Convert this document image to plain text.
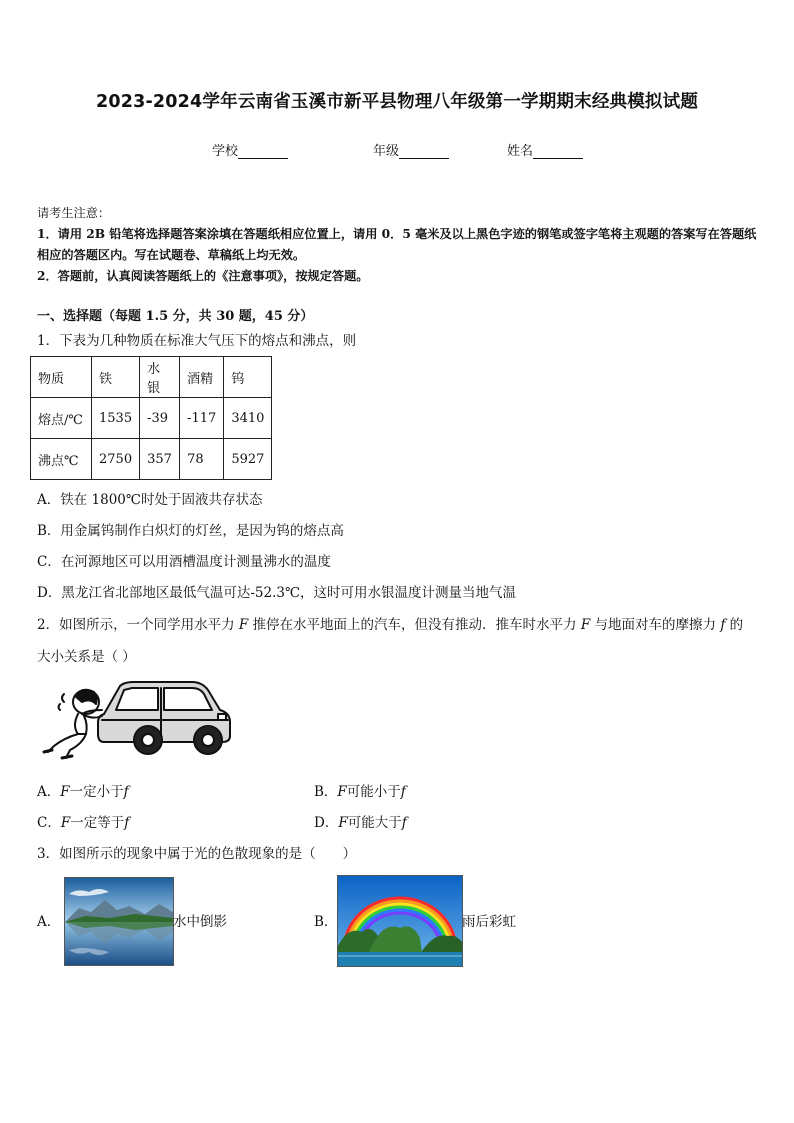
2023-2024学年云南省玉溪市新平县物理八年级第一学期期末经典模拟试题
学校	年级	姓名
请考生注意：
1．请用 2B 铅笔将选择题答案涂填在答题纸相应位置上，请用 0．5 毫米及以上黑色字迹的钢笔或签字笔将主观题的答案写在答题纸相应的答题区内。写在试题卷、草稿纸上均无效。
2．答题前，认真阅读答题纸上的《注意事项》，按规定答题。
一、选择题（每题 1.5 分，共 30 题，45 分）
1．下表为几种物质在标准大气压下的熔点和沸点，则
物质	铁	水银	酒精	钨
熔点/℃	1535	-39	-117	3410
沸点℃	2750	357	78	5927
A．铁在 1800℃时处于固液共存状态
B．用金属钨制作白炽灯的灯丝，是因为钨的熔点高
C．在河源地区可以用酒槽温度计测量沸水的温度
D．黑龙江省北部地区最低气温可达-52.3℃，这时可用水银温度计测量当地气温
2．如图所示，一个同学用水平力 F 推停在水平地面上的汽车，但没有推动．推车时水平力 F 与地面对车的摩擦力 f 的
大小关系是（ ）
A．F一定小于f	B．F可能小于f
C．F一定等于f	D．F可能大于f
3．如图所示的现象中属于光的色散现象的是（　　）
A．	水中倒影	B．	雨后彩虹
